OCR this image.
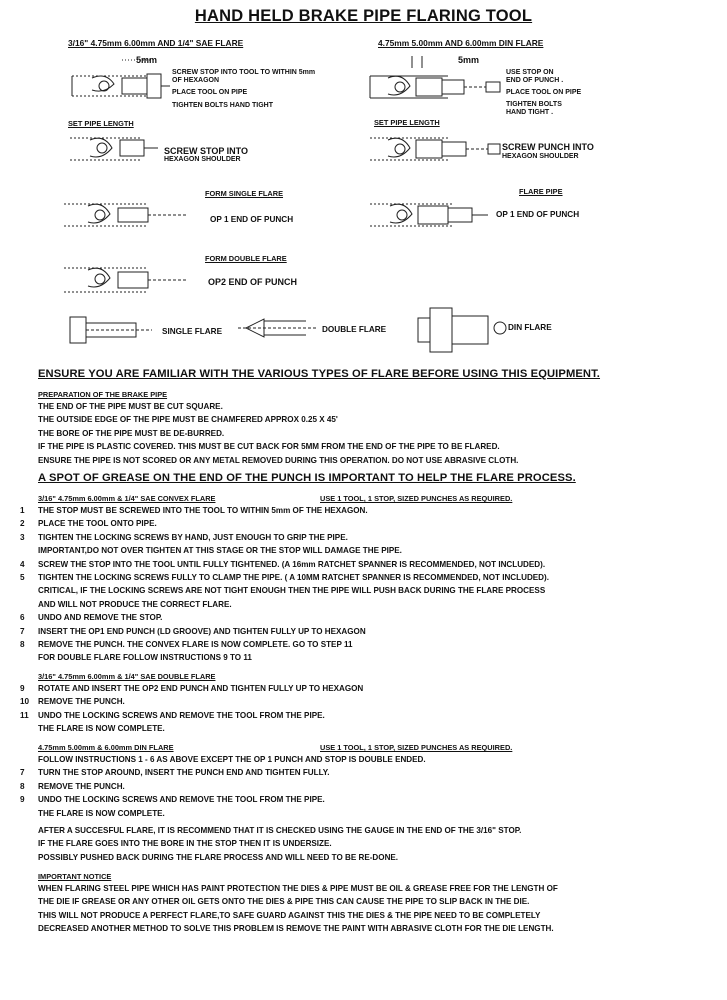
HAND HELD BRAKE PIPE FLARING TOOL
3/16" 4.75mm 6.00mm AND 1/4" SAE FLARE	4.75mm 5.00mm AND 6.00mm DIN FLARE
5mm
SCREW STOP INTO TOOL TO WITHIN 5mm
OF HEXAGON
PLACE TOOL ON PIPE
TIGHTEN BOLTS HAND TIGHT
SET PIPE LENGTH
SCREW STOP INTO
HEXAGON SHOULDER
FORM SINGLE FLARE
OP 1 END OF PUNCH
FORM DOUBLE FLARE
OP2 END OF PUNCH
5mm
USE STOP ON
END OF PUNCH .
PLACE TOOL ON PIPE
TIGHTEN BOLTS
HAND TIGHT .
SET PIPE LENGTH
SCREW PUNCH INTO
HEXAGON SHOULDER
FLARE PIPE
OP 1 END OF PUNCH
SINGLE FLARE	DOUBLE FLARE	DIN FLARE
ENSURE YOU ARE FAMILIAR WITH THE VARIOUS TYPES OF FLARE BEFORE USING THIS EQUIPMENT.
PREPARATION OF THE BRAKE PIPE
THE END OF THE PIPE MUST BE CUT SQUARE.
THE OUTSIDE EDGE OF THE PIPE MUST BE CHAMFERED APPROX 0.25 X 45'
THE BORE OF THE PIPE MUST BE DE-BURRED.
IF THE PIPE IS PLASTIC COVERED. THIS MUST BE CUT BACK FOR 5MM FROM THE END OF THE PIPE TO BE FLARED.
ENSURE THE PIPE IS NOT SCORED OR ANY METAL REMOVED DURING THIS OPERATION. DO NOT USE ABRASIVE CLOTH.
A SPOT OF GREASE ON THE END OF THE PUNCH IS IMPORTANT TO HELP THE FLARE PROCESS.
3/16" 4.75mm 6.00mm & 1/4" SAE CONVEX FLARE	USE 1 TOOL, 1 STOP, SIZED PUNCHES AS REQUIRED.
1 THE STOP MUST BE SCREWED INTO THE TOOL TO WITHIN 5mm OF THE HEXAGON.
2 PLACE THE TOOL ONTO PIPE.
3 TIGHTEN THE LOCKING SCREWS BY HAND, JUST ENOUGH TO GRIP THE PIPE.
IMPORTANT,DO NOT OVER TIGHTEN AT THIS STAGE OR THE STOP WILL DAMAGE THE PIPE.
4 SCREW THE STOP INTO THE TOOL UNTIL FULLY TIGHTENED. (A 16mm RATCHET SPANNER IS RECOMMENDED, NOT INCLUDED).
5 TIGHTEN THE LOCKING SCREWS FULLY TO CLAMP THE PIPE. ( A 10MM RATCHET SPANNER IS RECOMMENDED, NOT INCLUDED).
CRITICAL, IF THE LOCKING SCREWS ARE NOT TIGHT ENOUGH THEN THE PIPE WILL PUSH BACK DURING THE FLARE PROCESS
AND WILL NOT PRODUCE THE CORRECT FLARE.
6 UNDO AND REMOVE THE STOP.
7 INSERT THE OP1 END PUNCH (LD GROOVE) AND TIGHTEN FULLY UP TO HEXAGON
8 REMOVE THE PUNCH. THE CONVEX FLARE IS NOW COMPLETE. GO TO STEP 11
FOR DOUBLE FLARE FOLLOW INSTRUCTIONS 9 TO 11
3/16" 4.75mm 6.00mm & 1/4" SAE DOUBLE FLARE
9 ROTATE AND INSERT THE OP2 END PUNCH AND TIGHTEN FULLY UP TO HEXAGON
10 REMOVE THE PUNCH.
11 UNDO THE LOCKING SCREWS AND REMOVE THE TOOL FROM THE PIPE.
THE FLARE IS NOW COMPLETE.
4.75mm 5.00mm & 6.00mm DIN FLARE	USE 1 TOOL, 1 STOP, SIZED PUNCHES AS REQUIRED.
FOLLOW INSTRUCTIONS 1 - 6 AS ABOVE EXCEPT THE OP 1 PUNCH AND STOP IS DOUBLE ENDED.
7 TURN THE STOP AROUND, INSERT THE PUNCH END AND TIGHTEN FULLY.
8 REMOVE THE PUNCH.
9 UNDO THE LOCKING SCREWS AND REMOVE THE TOOL FROM THE PIPE.
THE FLARE IS NOW COMPLETE.
AFTER A SUCCESFUL FLARE, IT IS RECOMMEND THAT IT IS CHECKED USING THE GAUGE IN THE END OF THE 3/16" STOP.
IF THE FLARE GOES INTO THE BORE IN THE STOP THEN IT IS UNDERSIZE.
POSSIBLY PUSHED BACK DURING THE FLARE PROCESS AND WILL NEED TO BE RE-DONE.
IMPORTANT NOTICE
WHEN FLARING STEEL PIPE WHICH HAS PAINT PROTECTION THE DIES & PIPE MUST BE OIL & GREASE FREE FOR THE LENGTH OF
THE DIE IF GREASE OR ANY OTHER OIL GETS ONTO THE DIES & PIPE THIS CAN CAUSE THE PIPE TO SLIP BACK IN THE DIE.
THIS WILL NOT PRODUCE A PERFECT FLARE,TO SAFE GUARD AGAINST THIS THE DIES & THE PIPE NEED TO BE COMPLETELY
DECREASED ANOTHER METHOD TO SOLVE THIS PROBLEM IS REMOVE THE PAINT WITH ABRASIVE CLOTH FOR THE DIE LENGTH.
